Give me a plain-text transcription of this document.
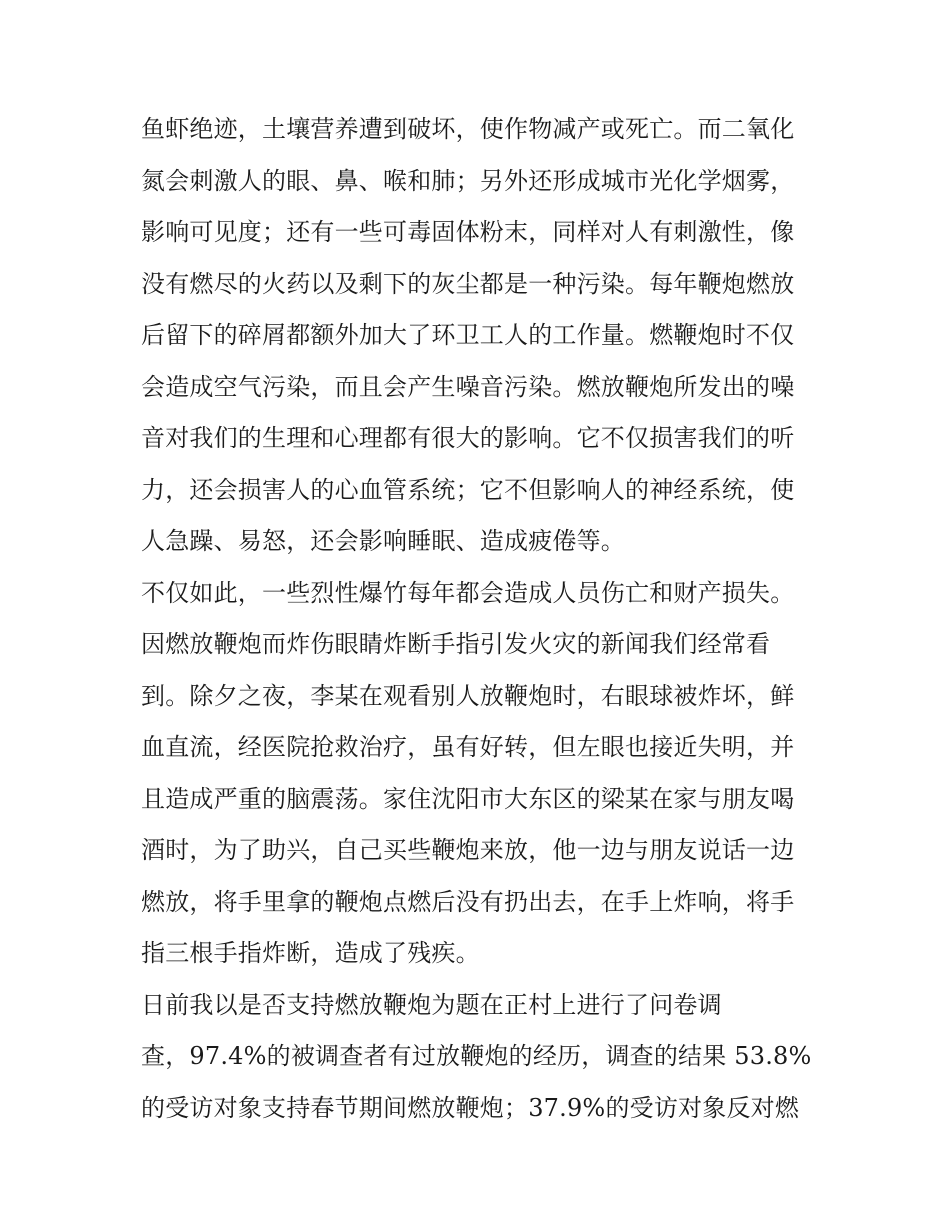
鱼虾绝迹，土壤营养遭到破坏，使作物减产或死亡。而二氧化
氮会刺激人的眼、鼻、喉和肺；另外还形成城市光化学烟雾，
影响可见度；还有一些可毒固体粉末，同样对人有刺激性，像
没有燃尽的火药以及剩下的灰尘都是一种污染。每年鞭炮燃放
后留下的碎屑都额外加大了环卫工人的工作量。燃鞭炮时不仅
会造成空气污染，而且会产生噪音污染。燃放鞭炮所发出的噪
音对我们的生理和心理都有很大的影响。它不仅损害我们的听
力，还会损害人的心血管系统；它不但影响人的神经系统，使
人急躁、易怒，还会影响睡眠、造成疲倦等。
不仅如此，一些烈性爆竹每年都会造成人员伤亡和财产损失。
因燃放鞭炮而炸伤眼睛炸断手指引发火灾的新闻我们经常看
到。除夕之夜，李某在观看别人放鞭炮时，右眼球被炸坏，鲜
血直流，经医院抢救治疗，虽有好转，但左眼也接近失明，并
且造成严重的脑震荡。家住沈阳市大东区的梁某在家与朋友喝
酒时，为了助兴，自己买些鞭炮来放，他一边与朋友说话一边
燃放，将手里拿的鞭炮点燃后没有扔出去，在手上炸响，将手
指三根手指炸断，造成了残疾。
日前我以是否支持燃放鞭炮为题在正村上进行了问卷调
查，97.4%的被调查者有过放鞭炮的经历，调查的结果 53.8%
的受访对象支持春节期间燃放鞭炮；37.9%的受访对象反对燃
